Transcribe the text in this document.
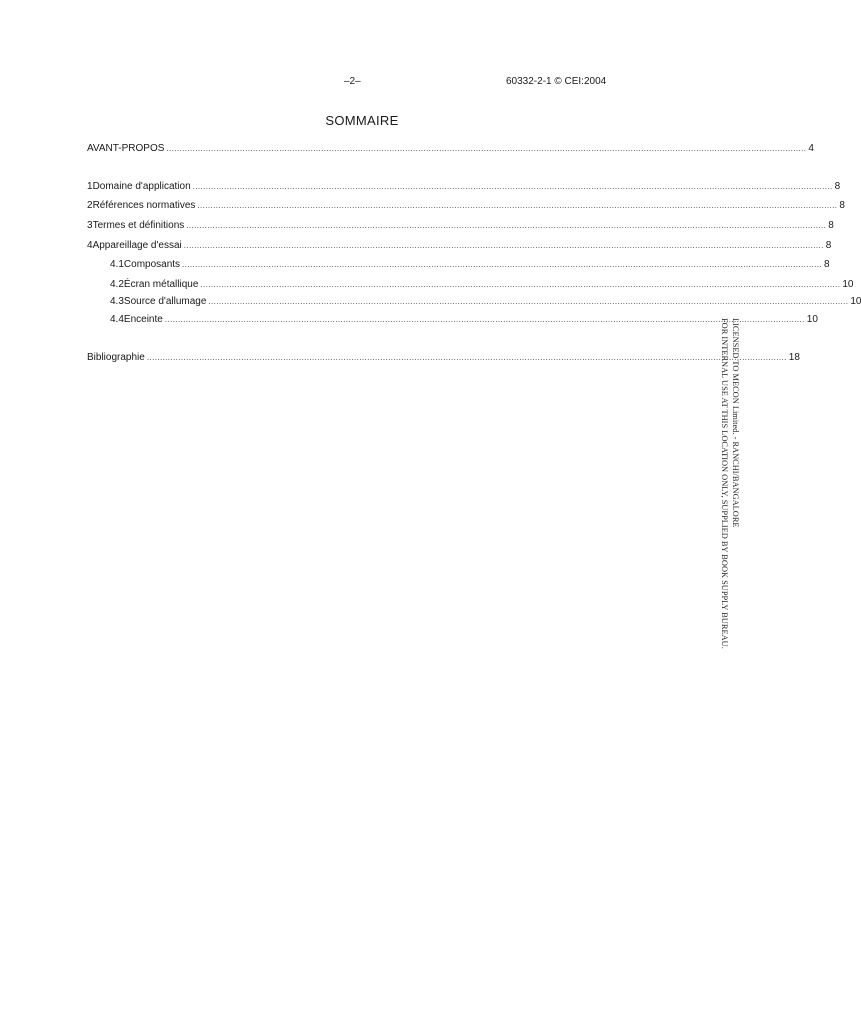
–2–	60332-2-1 © CEI:2004
SOMMAIRE
AVANT-PROPOS .....	4
1 Domaine d'application .....	8
2 Références normatives .....	8
3 Termes et définitions .....	8
4 Appareillage d'essai .....	8
4.1 Composants .....	8
4.2 Écran métallique .....	10
4.3 Source d'allumage .....	10
4.4 Enceinte .....	10
Bibliographie .....	18
LICENSED TO MECON Limited. - RANCHI/BANGALORE
FOR INTERNAL USE AT THIS LOCATION ONLY, SUPPLIED BY BOOK SUPPLY BUREAU.
